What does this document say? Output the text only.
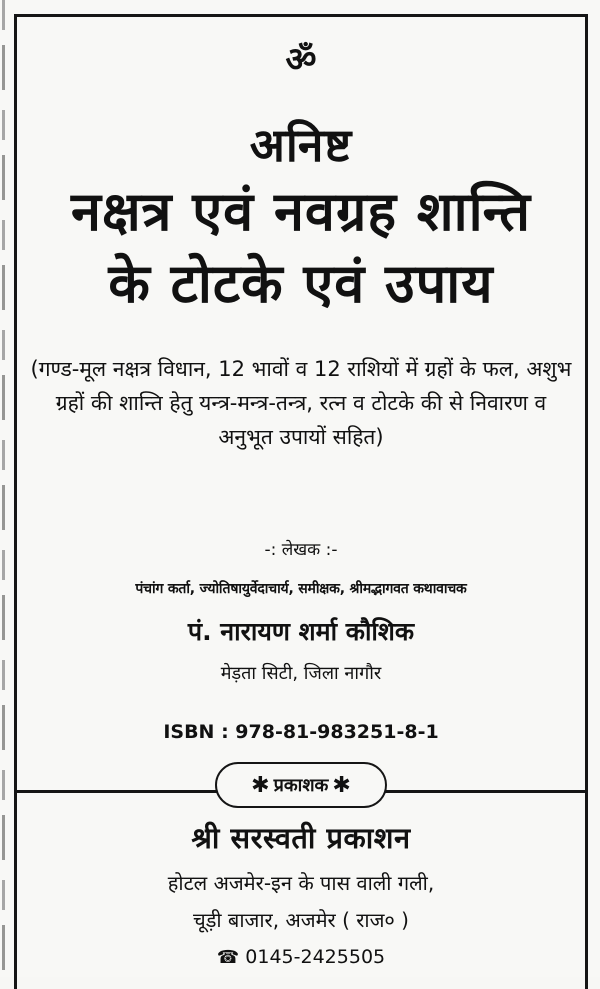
ॐ
अनिष्ट
नक्षत्र एवं नवग्रह शान्ति
के टोटके एवं उपाय
(गण्ड-मूल नक्षत्र विधान, 12 भावों व 12 राशियों में ग्रहों के फल, अशुभ ग्रहों की शान्ति हेतु यन्त्र-मन्त्र-तन्त्र, रत्न व टोटके की से निवारण व अनुभूत उपायों सहित)
-: लेखक :-
पंचांग कर्ता, ज्योतिषायुर्वेदाचार्य, समीक्षक, श्रीमद्भागवत कथावाचक
पं. नारायण शर्मा कौशिक
मेड़ता सिटी, जिला नागौर
ISBN : 978-81-983251-8-1
✱ प्रकाशक ✱
श्री सरस्वती प्रकाशन
होटल अजमेर-इन के पास वाली गली,
चूड़ी बाजार, अजमेर ( राज० )
☎ 0145-2425505
